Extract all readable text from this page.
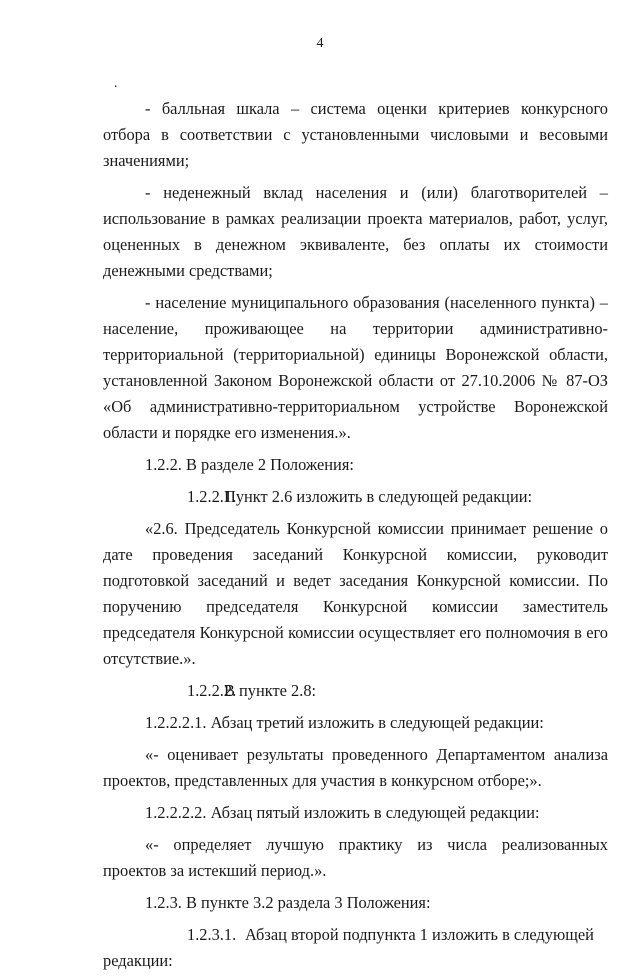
4
.

- балльная шкала – система оценки критериев конкурсного отбора в соответствии с установленными числовыми и весовыми значениями;

- неденежный вклад населения и (или) благотворителей – использование в рамках реализации проекта материалов, работ, услуг, оцененных в денежном эквиваленте, без оплаты их стоимости денежными средствами;

- население муниципального образования (населенного пункта) – население, проживающее на территории административно-территориальной (территориальной) единицы Воронежской области, установленной Законом Воронежской области от 27.10.2006 № 87-ОЗ «Об административно-территориальном устройстве Воронежской области и порядке его изменения.».

1.2.2. В разделе 2 Положения:

1.2.2.1.Пункт 2.6 изложить в следующей редакции:

«2.6. Председатель Конкурсной комиссии принимает решение о дате проведения заседаний Конкурсной комиссии, руководит подготовкой заседаний и ведет заседания Конкурсной комиссии. По поручению председателя Конкурсной комиссии заместитель председателя Конкурсной комиссии осуществляет его полномочия в его отсутствие.».

1.2.2.2.В пункте 2.8:

1.2.2.2.1. Абзац третий изложить в следующей редакции:

«- оценивает результаты проведенного Департаментом анализа проектов, представленных для участия в конкурсном отборе;».

1.2.2.2.2. Абзац пятый изложить в следующей редакции:

«- определяет лучшую практику из числа реализованных проектов за истекший период.».

1.2.3. В пункте 3.2 раздела 3 Положения:

1.2.3.1. Абзац второй подпункта 1 изложить в следующей редакции:
